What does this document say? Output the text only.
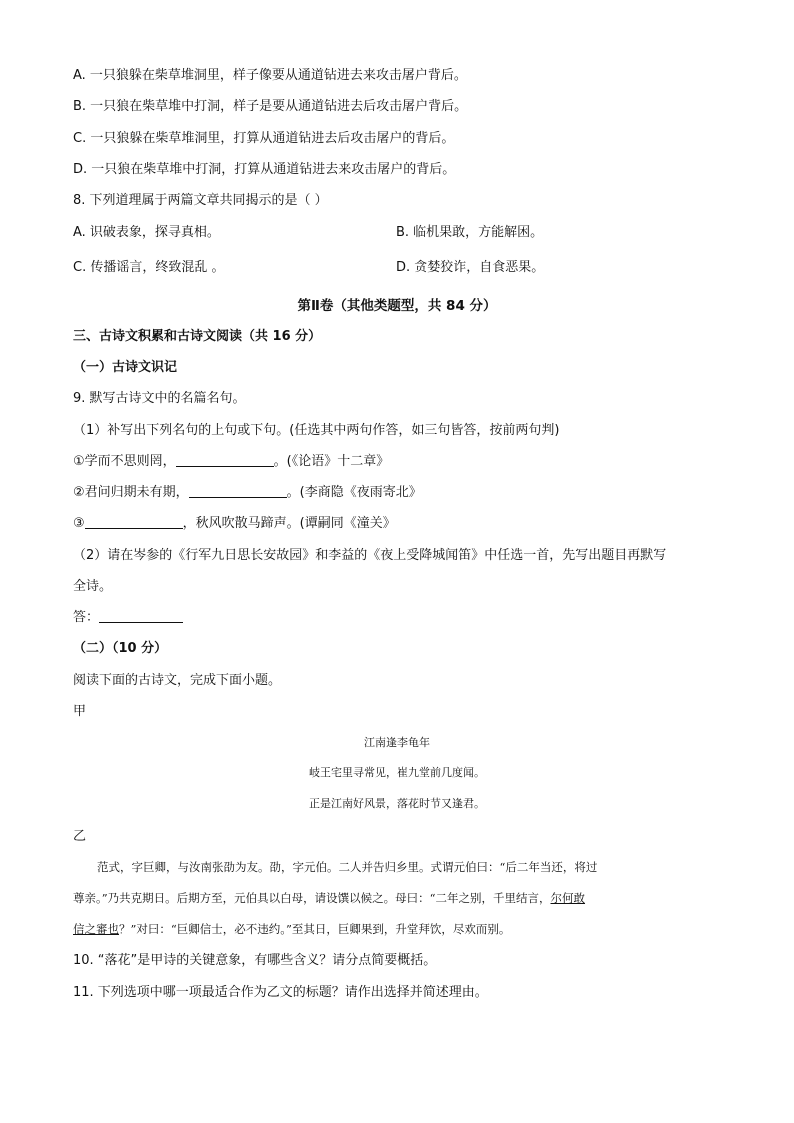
A. 一只狼躲在柴草堆洞里，样子像要从通道钻进去来攻击屠户背后。
B. 一只狼在柴草堆中打洞，样子是要从通道钻进去后攻击屠户背后。
C. 一只狼躲在柴草堆洞里，打算从通道钻进去后攻击屠户的背后。
D. 一只狼在柴草堆中打洞，打算从通道钻进去来攻击屠户的背后。
8. 下列道理属于两篇文章共同揭示的是（ ）
A. 识破表象，探寻真相。	B. 临机果敢，方能解困。
C. 传播谣言，终致混乱 。	D. 贪婪狡诈，自食恶果。
第Ⅱ卷（其他类题型，共 84 分）
三、古诗文积累和古诗文阅读（共 16 分）
（一）古诗文识记
9. 默写古诗文中的名篇名句。
（1）补写出下列名句的上句或下句。(任选其中两句作答，如三句皆答，按前两句判)
①学而不思则罔，	。(《论语》十二章》
②君问归期未有期，	。(李商隐《夜雨寄北》
③	，秋风吹散马蹄声。(谭嗣同《潼关》
（2）请在岑参的《行军九日思长安故园》和李益的《夜上受降城闻笛》中任选一首，先写出题目再默写
全诗。
答：
（二）（10 分）
阅读下面的古诗文，完成下面小题。
甲
江南逢李龟年
岐王宅里寻常见，崔九堂前几度闻。
正是江南好风景，落花时节又逢君。
乙
范式，字巨卿，与汝南张劭为友。劭，字元伯。二人并告归乡里。式谓元伯曰：“后二年当还，将过
尊亲。”乃共克期日。后期方至，元伯具以白母，请设馔以候之。母曰：“二年之别，千里结言，尔何敢
信之審也？”对曰：“巨卿信士，必不违约。”至其日，巨卿果到，升堂拜饮，尽欢而别。
10. “落花”是甲诗的关键意象，有哪些含义？请分点简要概括。
11. 下列选项中哪一项最适合作为乙文的标题？请作出选择并简述理由。
